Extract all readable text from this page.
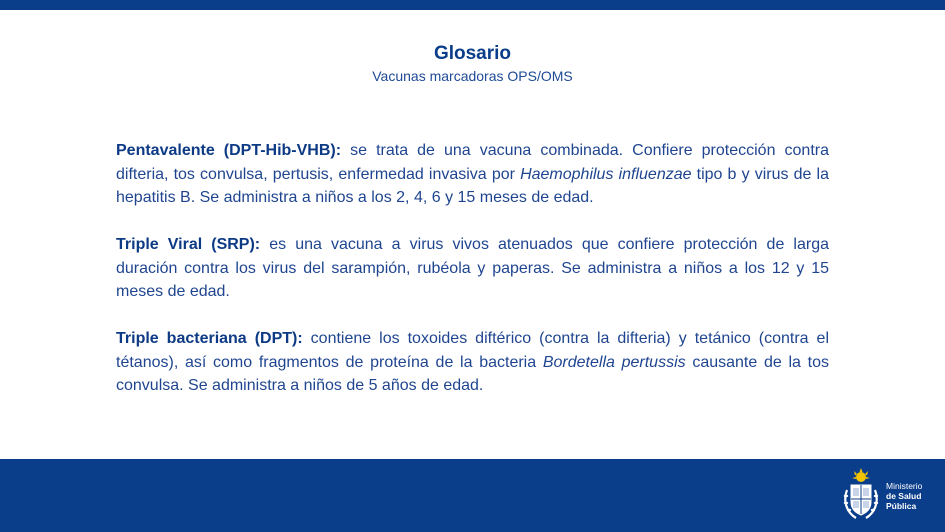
Glosario
Vacunas marcadoras OPS/OMS

Pentavalente (DPT-Hib-VHB): se trata de una vacuna combinada. Confiere protección contra difteria, tos convulsa, pertusis, enfermedad invasiva por Haemophilus influenzae tipo b y virus de la hepatitis B. Se administra a niños a los 2, 4, 6 y 15 meses de edad.

Triple Viral (SRP): es una vacuna a virus vivos atenuados que confiere protección de larga duración contra los virus del sarampión, rubéola y paperas. Se administra a niños a los 12 y 15 meses de edad.

Triple bacteriana (DPT): contiene los toxoides diftérico (contra la difteria) y tetánico (contra el tétanos), así como fragmentos de proteína de la bacteria Bordetella pertussis causante de la tos convulsa. Se administra a niños de 5 años de edad.

Ministerio
de Salud
Pública
